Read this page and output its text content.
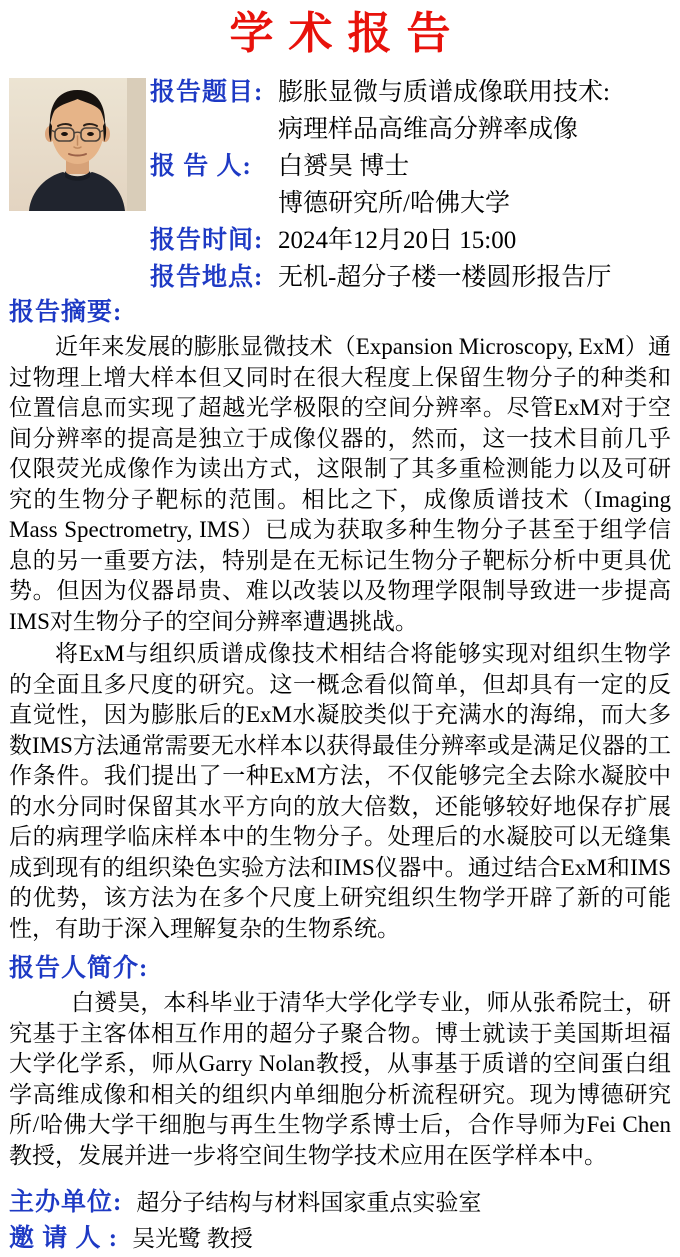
学术报告
报告题目: 膨胀显微与质谱成像联用技术:
病理样品高维高分辨率成像
报 告 人:	白赟昊 博士
博德研究所/哈佛大学
报告时间: 2024年12月20日 15:00
报告地点: 无机-超分子楼一楼圆形报告厅
报告摘要:

近年来发展的膨胀显微技术（Expansion Microscopy, ExM）通过物理上增大样本但又同时在很大程度上保留生物分子的种类和位置信息而实现了超越光学极限的空间分辨率。尽管ExM对于空间分辨率的提高是独立于成像仪器的，然而，这一技术目前几乎仅限荧光成像作为读出方式，这限制了其多重检测能力以及可研究的生物分子靶标的范围。相比之下，成像质谱技术（Imaging Mass Spectrometry, IMS）已成为获取多种生物分子甚至于组学信息的另一重要方法，特别是在无标记生物分子靶标分析中更具优势。但因为仪器昂贵、难以改装以及物理学限制导致进一步提高IMS对生物分子的空间分辨率遭遇挑战。

将ExM与组织质谱成像技术相结合将能够实现对组织生物学的全面且多尺度的研究。这一概念看似简单，但却具有一定的反直觉性，因为膨胀后的ExM水凝胶类似于充满水的海绵，而大多数IMS方法通常需要无水样本以获得最佳分辨率或是满足仪器的工作条件。我们提出了一种ExM方法，不仅能够完全去除水凝胶中的水分同时保留其水平方向的放大倍数，还能够较好地保存扩展后的病理学临床样本中的生物分子。处理后的水凝胶可以无缝集成到现有的组织染色实验方法和IMS仪器中。通过结合ExM和IMS的优势，该方法为在多个尺度上研究组织生物学开辟了新的可能性，有助于深入理解复杂的生物系统。

报告人简介:

白赟昊，本科毕业于清华大学化学专业，师从张希院士，研究基于主客体相互作用的超分子聚合物。博士就读于美国斯坦福大学化学系，师从Garry Nolan教授，从事基于质谱的空间蛋白组学高维成像和相关的组织内单细胞分析流程研究。现为博德研究所/哈佛大学干细胞与再生生物学系博士后，合作导师为Fei Chen教授，发展并进一步将空间生物学技术应用在医学样本中。

主办单位: 超分子结构与材料国家重点实验室
邀 请 人 : 吴光鹭 教授
